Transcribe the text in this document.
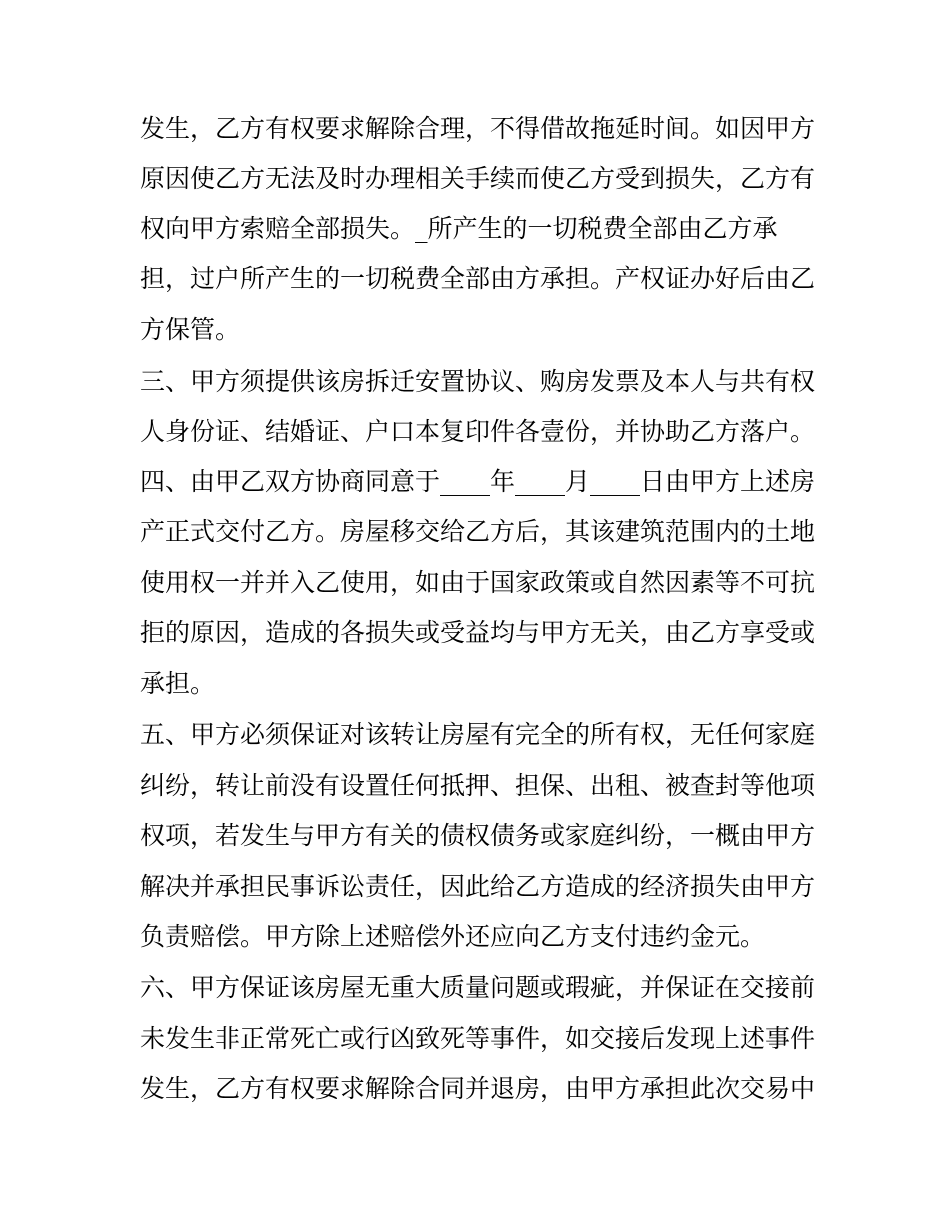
发生，乙方有权要求解除合理，不得借故拖延时间。如因甲方
原因使乙方无法及时办理相关手续而使乙方受到损失，乙方有
权向甲方索赔全部损失。_所产生的一切税费全部由乙方承
担，过户所产生的一切税费全部由方承担。产权证办好后由乙
方保管。
三、甲方须提供该房拆迁安置协议、购房发票及本人与共有权
人身份证、结婚证、户口本复印件各壹份，并协助乙方落户。
四、由甲乙双方协商同意于____年____月____日由甲方上述房
产正式交付乙方。房屋移交给乙方后，其该建筑范围内的土地
使用权一并并入乙使用，如由于国家政策或自然因素等不可抗
拒的原因，造成的各损失或受益均与甲方无关，由乙方享受或
承担。
五、甲方必须保证对该转让房屋有完全的所有权，无任何家庭
纠纷，转让前没有设置任何抵押、担保、出租、被查封等他项
权项，若发生与甲方有关的债权债务或家庭纠纷，一概由甲方
解决并承担民事诉讼责任，因此给乙方造成的经济损失由甲方
负责赔偿。甲方除上述赔偿外还应向乙方支付违约金元。
六、甲方保证该房屋无重大质量问题或瑕疵，并保证在交接前
未发生非正常死亡或行凶致死等事件，如交接后发现上述事件
发生，乙方有权要求解除合同并退房，由甲方承担此次交易中
